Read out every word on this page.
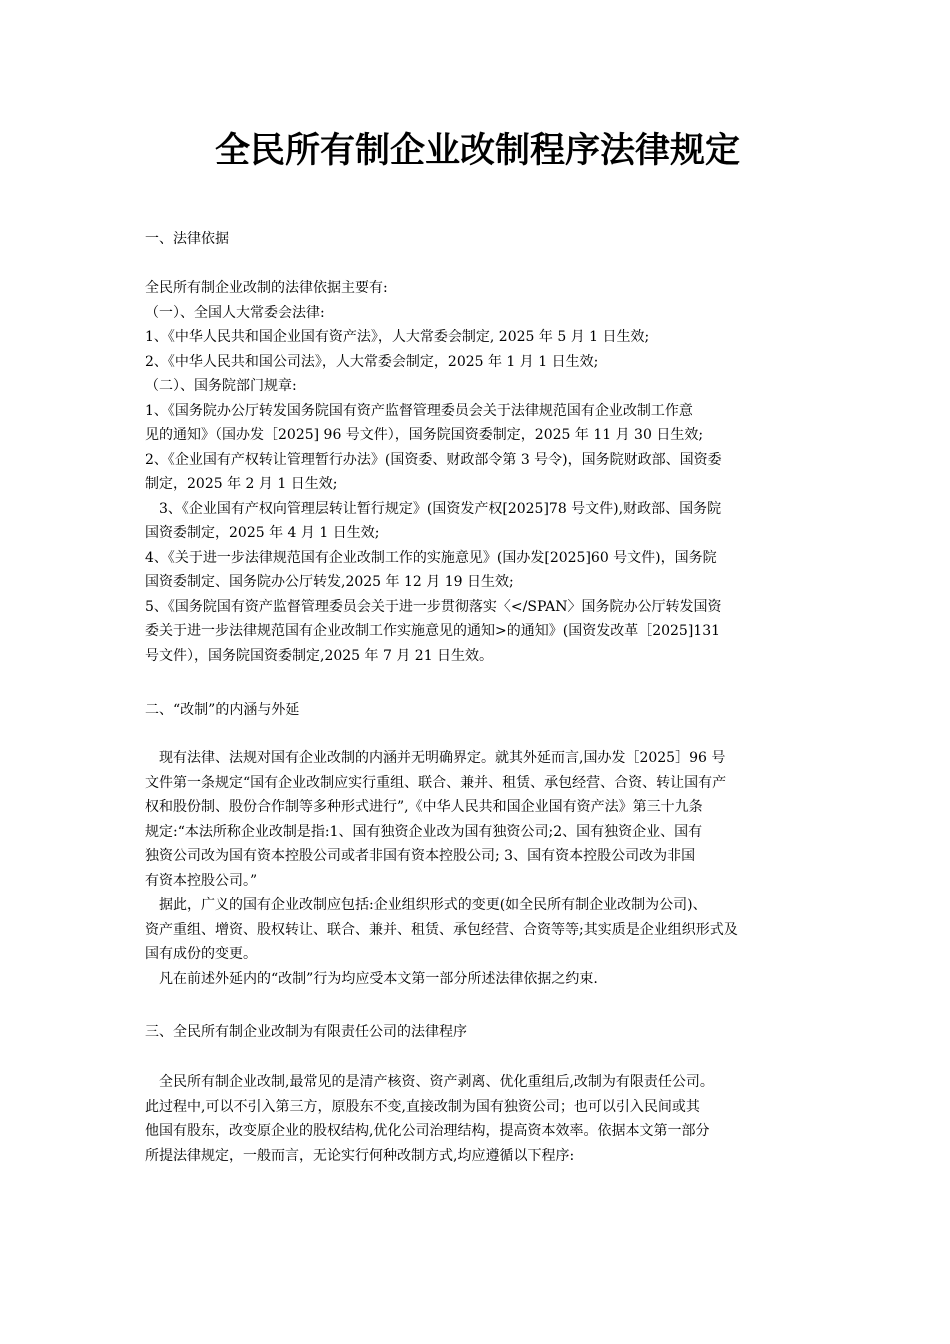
全民所有制企业改制程序法律规定

一、法律依据

全民所有制企业改制的法律依据主要有:
（一）、全国人大常委会法律:
1、《中华人民共和国企业国有资产法》，人大常委会制定, 2025 年 5 月 1 日生效;
2、《中华人民共和国公司法》，人大常委会制定，2025 年 1 月 1 日生效;
（二）、国务院部门规章:
1、《国务院办公厅转发国务院国有资产监督管理委员会关于法律规范国有企业改制工作意
见的通知》（国办发［2025] 96 号文件），国务院国资委制定，2025 年 11 月 30 日生效;
2、《企业国有产权转让管理暂行办法》(国资委、财政部令第 3 号令)，国务院财政部、国资委
制定，2025 年 2 月 1 日生效;
3、《企业国有产权向管理层转让暂行规定》(国资发产权[2025]78 号文件),财政部、国务院
国资委制定，2025 年 4 月 1 日生效;
4、《关于进一步法律规范国有企业改制工作的实施意见》(国办发[2025]60 号文件)，国务院
国资委制定、国务院办公厅转发,2025 年 12 月 19 日生效;
5、《国务院国有资产监督管理委员会关于进一步贯彻落实〈</SPAN〉国务院办公厅转发国资
委关于进一步法律规范国有企业改制工作实施意见的通知>的通知》(国资发改革［2025]131
号文件），国务院国资委制定,2025 年 7 月 21 日生效。

二、“改制”的内涵与外延

现有法律、法规对国有企业改制的内涵并无明确界定。就其外延而言,国办发［2025］96 号
文件第一条规定“国有企业改制应实行重组、联合、兼并、租赁、承包经营、合资、转让国有产
权和股份制、股份合作制等多种形式进行”,《中华人民共和国企业国有资产法》第三十九条
规定:“本法所称企业改制是指:1、国有独资企业改为国有独资公司;2、国有独资企业、国有
独资公司改为国有资本控股公司或者非国有资本控股公司; 3、国有资本控股公司改为非国
有资本控股公司。”
据此，广义的国有企业改制应包括:企业组织形式的变更(如全民所有制企业改制为公司)、
资产重组、增资、股权转让、联合、兼并、租赁、承包经营、合资等等;其实质是企业组织形式及
国有成份的变更。
凡在前述外延内的“改制”行为均应受本文第一部分所述法律依据之约束.

三、全民所有制企业改制为有限责任公司的法律程序

全民所有制企业改制,最常见的是清产核资、资产剥离、优化重组后,改制为有限责任公司。
此过程中,可以不引入第三方，原股东不变,直接改制为国有独资公司；也可以引入民间或其
他国有股东，改变原企业的股权结构,优化公司治理结构，提高资本效率。依据本文第一部分
所提法律规定，一般而言，无论实行何种改制方式,均应遵循以下程序:
